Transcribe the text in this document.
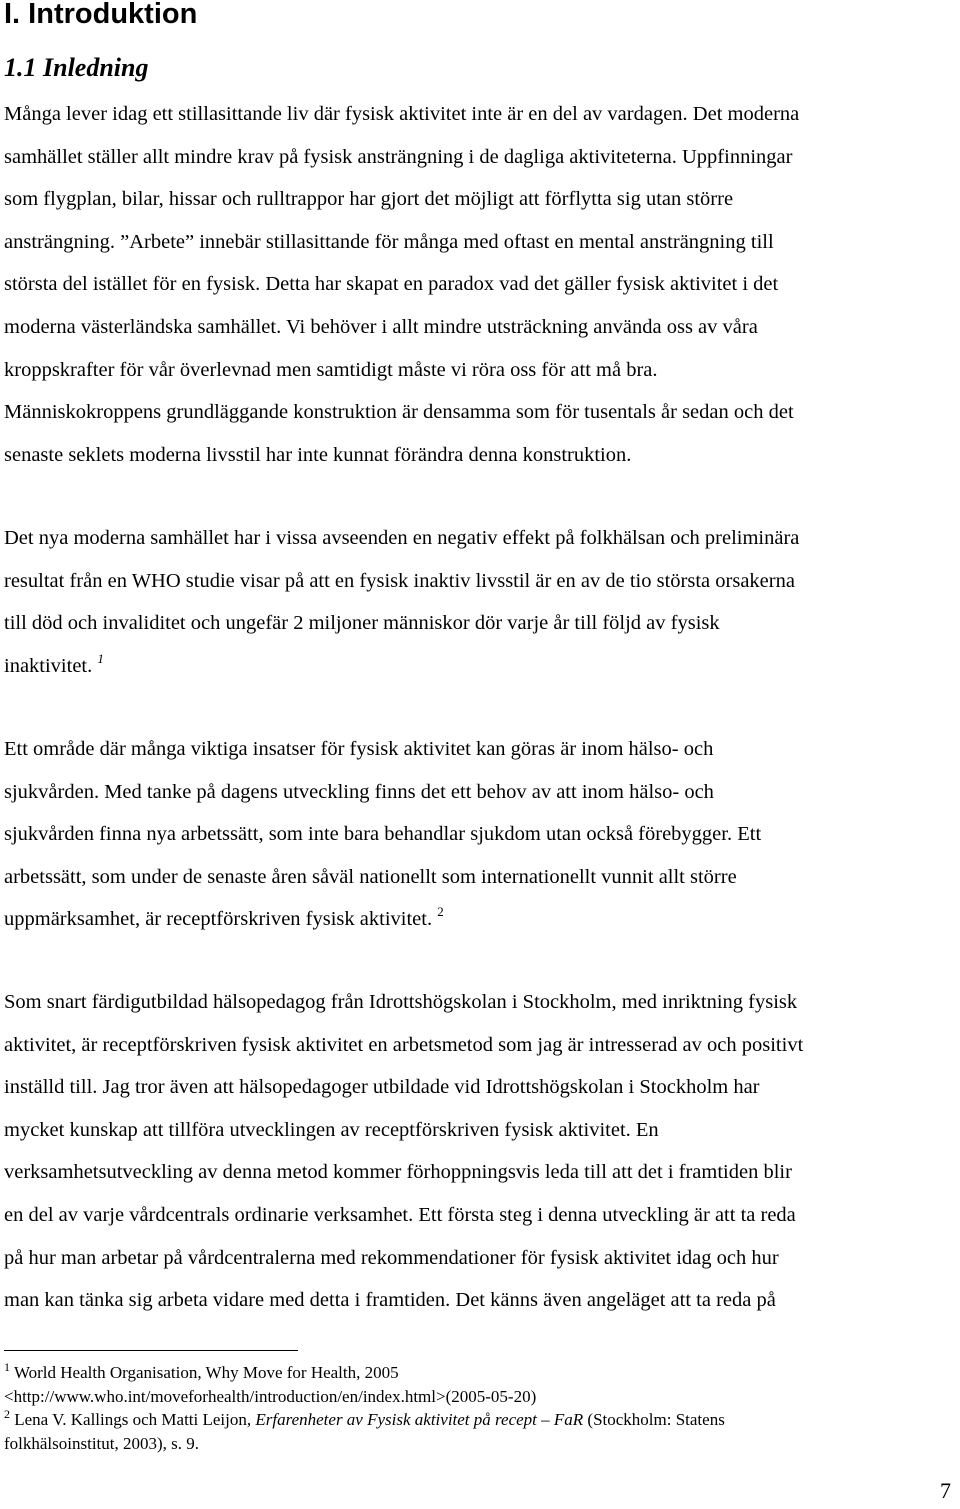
I. Introduktion
1.1 Inledning
Många lever idag ett stillasittande liv där fysisk aktivitet inte är en del av vardagen. Det moderna
samhället ställer allt mindre krav på fysisk ansträngning i de dagliga aktiviteterna. Uppfinningar
som flygplan, bilar, hissar och rulltrappor har gjort det möjligt att förflytta sig utan större
ansträngning. ”Arbete” innebär stillasittande för många med oftast en mental ansträngning till
största del istället för en fysisk. Detta har skapat en paradox vad det gäller fysisk aktivitet i det
moderna västerländska samhället. Vi behöver i allt mindre utsträckning använda oss av våra
kroppskrafter för vår överlevnad men samtidigt måste vi röra oss för att må bra.
Människokroppens grundläggande konstruktion är densamma som för tusentals år sedan och det
senaste seklets moderna livsstil har inte kunnat förändra denna konstruktion.
Det nya moderna samhället har i vissa avseenden en negativ effekt på folkhälsan och preliminära
resultat från en WHO studie visar på att en fysisk inaktiv livsstil är en av de tio största orsakerna
till död och invaliditet och ungefär 2 miljoner människor dör varje år till följd av fysisk
inaktivitet. $^1$
Ett område där många viktiga insatser för fysisk aktivitet kan göras är inom hälso- och
sjukvården. Med tanke på dagens utveckling finns det ett behov av att inom hälso- och
sjukvården finna nya arbetssätt, som inte bara behandlar sjukdom utan också förebygger. Ett
arbetssätt, som under de senaste åren såväl nationellt som internationellt vunnit allt större
uppmärksamhet, är receptförskriven fysisk aktivitet. $^2$
Som snart färdigutbildad hälsopedagog från Idrottshögskolan i Stockholm, med inriktning fysisk
aktivitet, är receptförskriven fysisk aktivitet en arbetsmetod som jag är intresserad av och positivt
inställd till. Jag tror även att hälsopedagoger utbildade vid Idrottshögskolan i Stockholm har
mycket kunskap att tillföra utvecklingen av receptförskriven fysisk aktivitet. En
verksamhetsutveckling av denna metod kommer förhoppningsvis leda till att det i framtiden blir
en del av varje vårdcentrals ordinarie verksamhet. Ett första steg i denna utveckling är att ta reda
på hur man arbetar på vårdcentralerna med rekommendationer för fysisk aktivitet idag och hur
man kan tänka sig arbeta vidare med detta i framtiden. Det känns även angeläget att ta reda på
$^1$ World Health Organisation, Why Move for Health, 2005
<http://www.who.int/moveforhealth/introduction/en/index.html>(2005-05-20)
$^2$ Lena V. Kallings och Matti Leijon, Erfarenheter av Fysisk aktivitet på recept – FaR (Stockholm: Statens
folkhälsoinstitut, 2003), s. 9.
7
